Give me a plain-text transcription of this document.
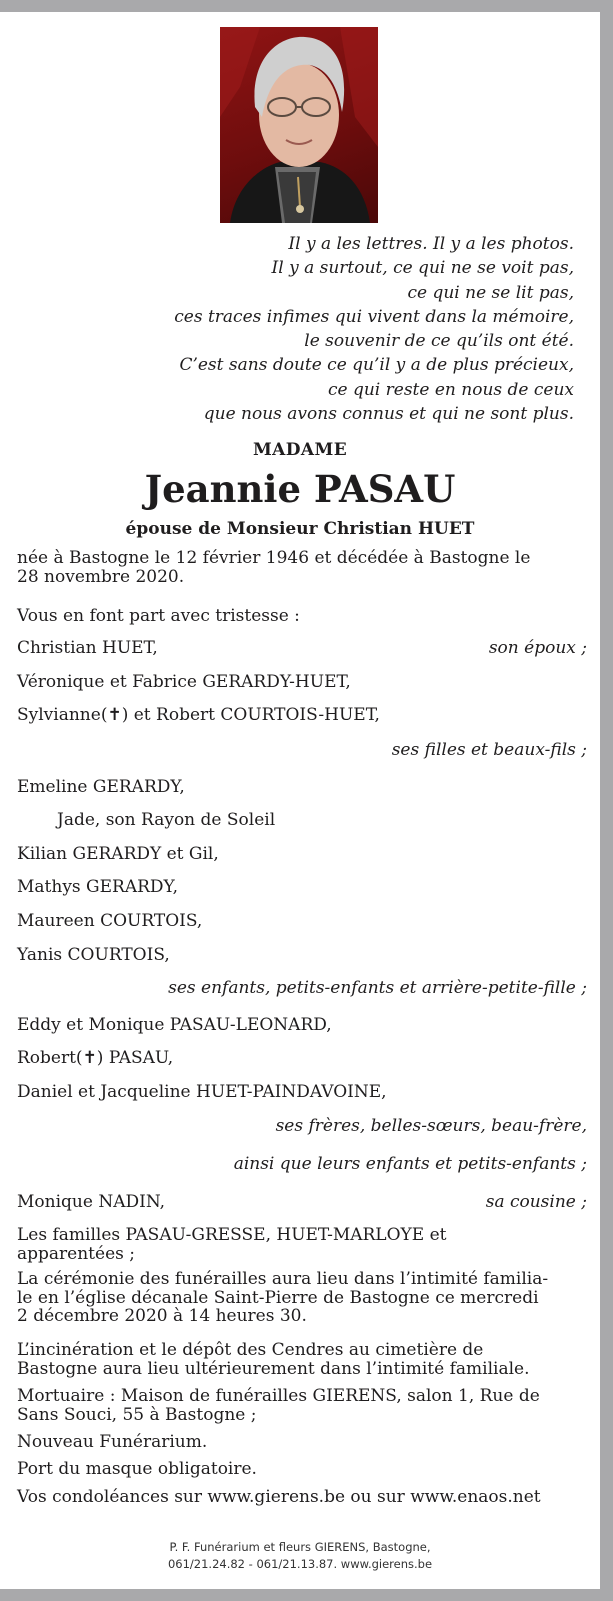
Il y a les lettres. Il y a les photos.
Il y a surtout, ce qui ne se voit pas,
ce qui ne se lit pas,
ces traces infimes qui vivent dans la mémoire,
le souvenir de ce qu’ils ont été.
C’est sans doute ce qu’il y a de plus précieux,
ce qui reste en nous de ceux
que nous avons connus et qui ne sont plus.
MADAME
Jeannie PASAU
épouse de Monsieur Christian HUET
née à Bastogne le 12 février 1946 et décédée à Bastogne le
28 novembre 2020.
Vous en font part avec tristesse :
Christian HUET,	son époux ;
Véronique et Fabrice GERARDY-HUET,
Sylvianne(✝) et Robert COURTOIS-HUET,
ses filles et beaux-fils ;
Emeline GERARDY,
Jade, son Rayon de Soleil
Kilian GERARDY et Gil,
Mathys GERARDY,
Maureen COURTOIS,
Yanis COURTOIS,
ses enfants, petits-enfants et arrière-petite-fille ;
Eddy et Monique PASAU-LEONARD,
Robert(✝) PASAU,
Daniel et Jacqueline HUET-PAINDAVOINE,
ses frères, belles-sœurs, beau-frère,
ainsi que leurs enfants et petits-enfants ;
Monique NADIN,	sa cousine ;
Les familles PASAU-GRESSE, HUET-MARLOYE et
apparentées ;
La cérémonie des funérailles aura lieu dans l’intimité familia-
le en l’église décanale Saint-Pierre de Bastogne ce mercredi
2 décembre 2020 à 14 heures 30.
L’incinération et le dépôt des Cendres au cimetière de
Bastogne aura lieu ultérieurement dans l’intimité familiale.
Mortuaire : Maison de funérailles GIERENS, salon 1, Rue de
Sans Souci, 55 à Bastogne ;
Nouveau Funérarium.
Port du masque obligatoire.
Vos condoléances sur www.gierens.be ou sur www.enaos.net
P. F. Funérarium et fleurs GIERENS, Bastogne,
061/21.24.82 - 061/21.13.87. www.gierens.be
